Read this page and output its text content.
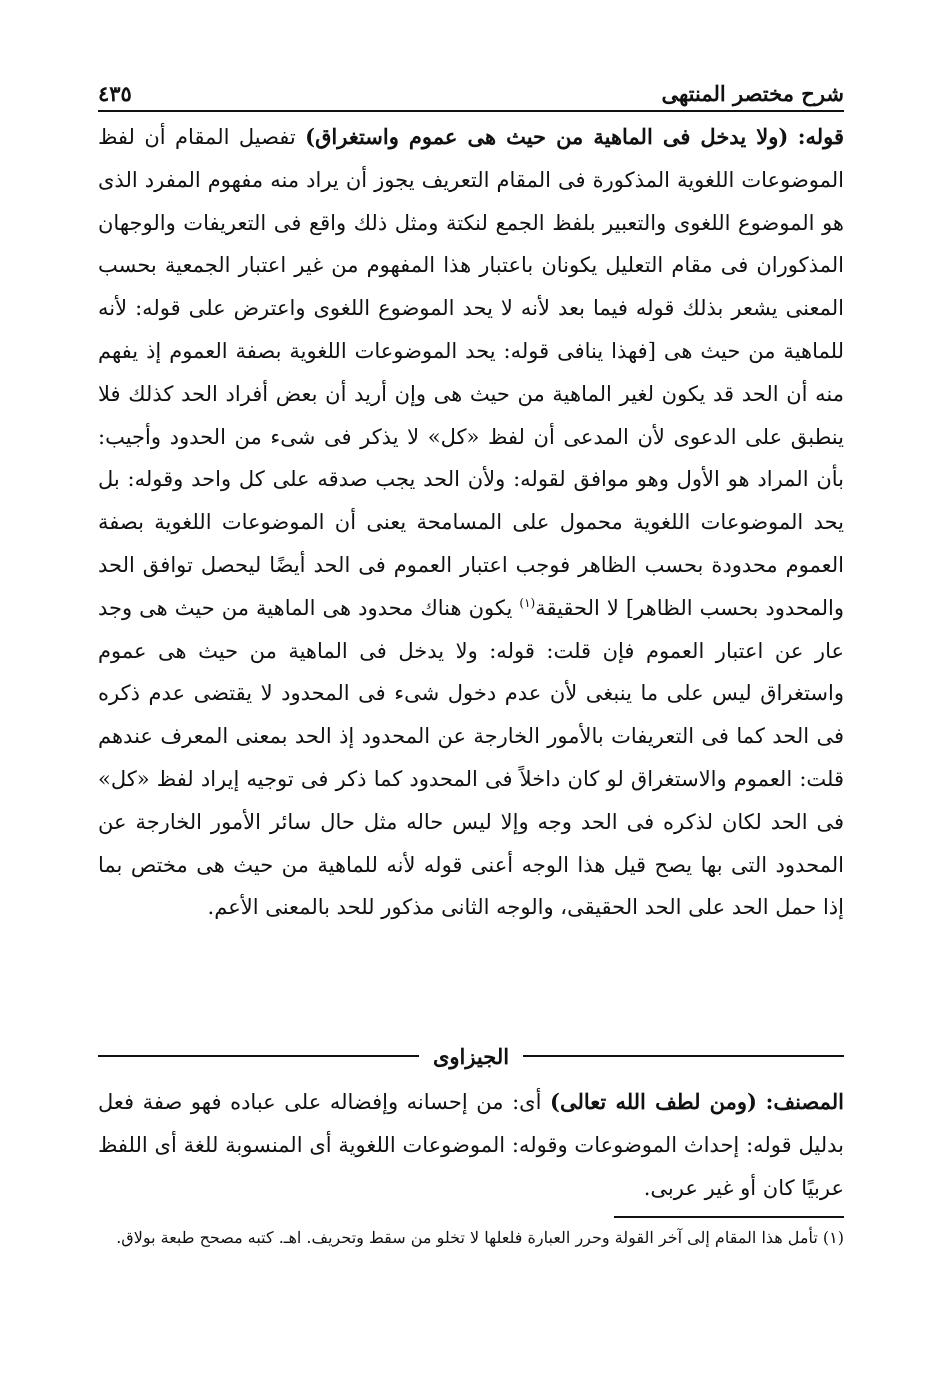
شرح مختصر المنتهى
٤٣٥

قوله: (ولا يدخل فى الماهية من حيث هى عموم واستغراق) تفصيل المقام أن لفظ الموضوعات اللغوية المذكورة فى المقام التعريف يجوز أن يراد منه مفهوم المفرد الذى هو الموضوع اللغوى والتعبير بلفظ الجمع لنكتة ومثل ذلك واقع فى التعريفات والوجهان المذكوران فى مقام التعليل يكونان باعتبار هذا المفهوم من غير اعتبار الجمعية بحسب المعنى يشعر بذلك قوله فيما بعد لأنه لا يحد الموضوع اللغوى واعترض على قوله: لأنه للماهية من حيث هى [فهذا ينافى قوله: يحد الموضوعات اللغوية بصفة العموم إذ يفهم منه أن الحد قد يكون لغير الماهية من حيث هى وإن أريد أن بعض أفراد الحد كذلك فلا ينطبق على الدعوى لأن المدعى أن لفظ «كل» لا يذكر فى شىء من الحدود وأجيب: بأن المراد هو الأول وهو موافق لقوله: ولأن الحد يجب صدقه على كل واحد وقوله: بل يحد الموضوعات اللغوية محمول على المسامحة يعنى أن الموضوعات اللغوية بصفة العموم محدودة بحسب الظاهر فوجب اعتبار العموم فى الحد أيضًا ليحصل توافق الحد والمحدود بحسب الظاهر] لا الحقيقة$^{(١)}$ يكون هناك محدود هى الماهية من حيث هى وجد عار عن اعتبار العموم فإن قلت: قوله: ولا يدخل فى الماهية من حيث هى عموم واستغراق ليس على ما ينبغى لأن عدم دخول شىء فى المحدود لا يقتضى عدم ذكره فى الحد كما فى التعريفات بالأمور الخارجة عن المحدود إذ الحد بمعنى المعرف عندهم قلت: العموم والاستغراق لو كان داخلاً فى المحدود كما ذكر فى توجيه إيراد لفظ «كل» فى الحد لكان لذكره فى الحد وجه وإلا ليس حاله مثل حال سائر الأمور الخارجة عن المحدود التى بها يصح قيل هذا الوجه أعنى قوله لأنه للماهية من حيث هى مختص بما إذا حمل الحد على الحد الحقيقى، والوجه الثانى مذكور للحد بالمعنى الأعم.

الجيزاوى

المصنف: (ومن لطف الله تعالى) أى: من إحسانه وإفضاله على عباده فهو صفة فعل بدليل قوله: إحداث الموضوعات وقوله: الموضوعات اللغوية أى المنسوبة للغة أى اللفظ عربيًا كان أو غير عربى.

(١) تأمل هذا المقام إلى آخر القولة وحرر العبارة فلعلها لا تخلو من سقط وتحريف. اهـ. كتبه مصحح طبعة بولاق.
